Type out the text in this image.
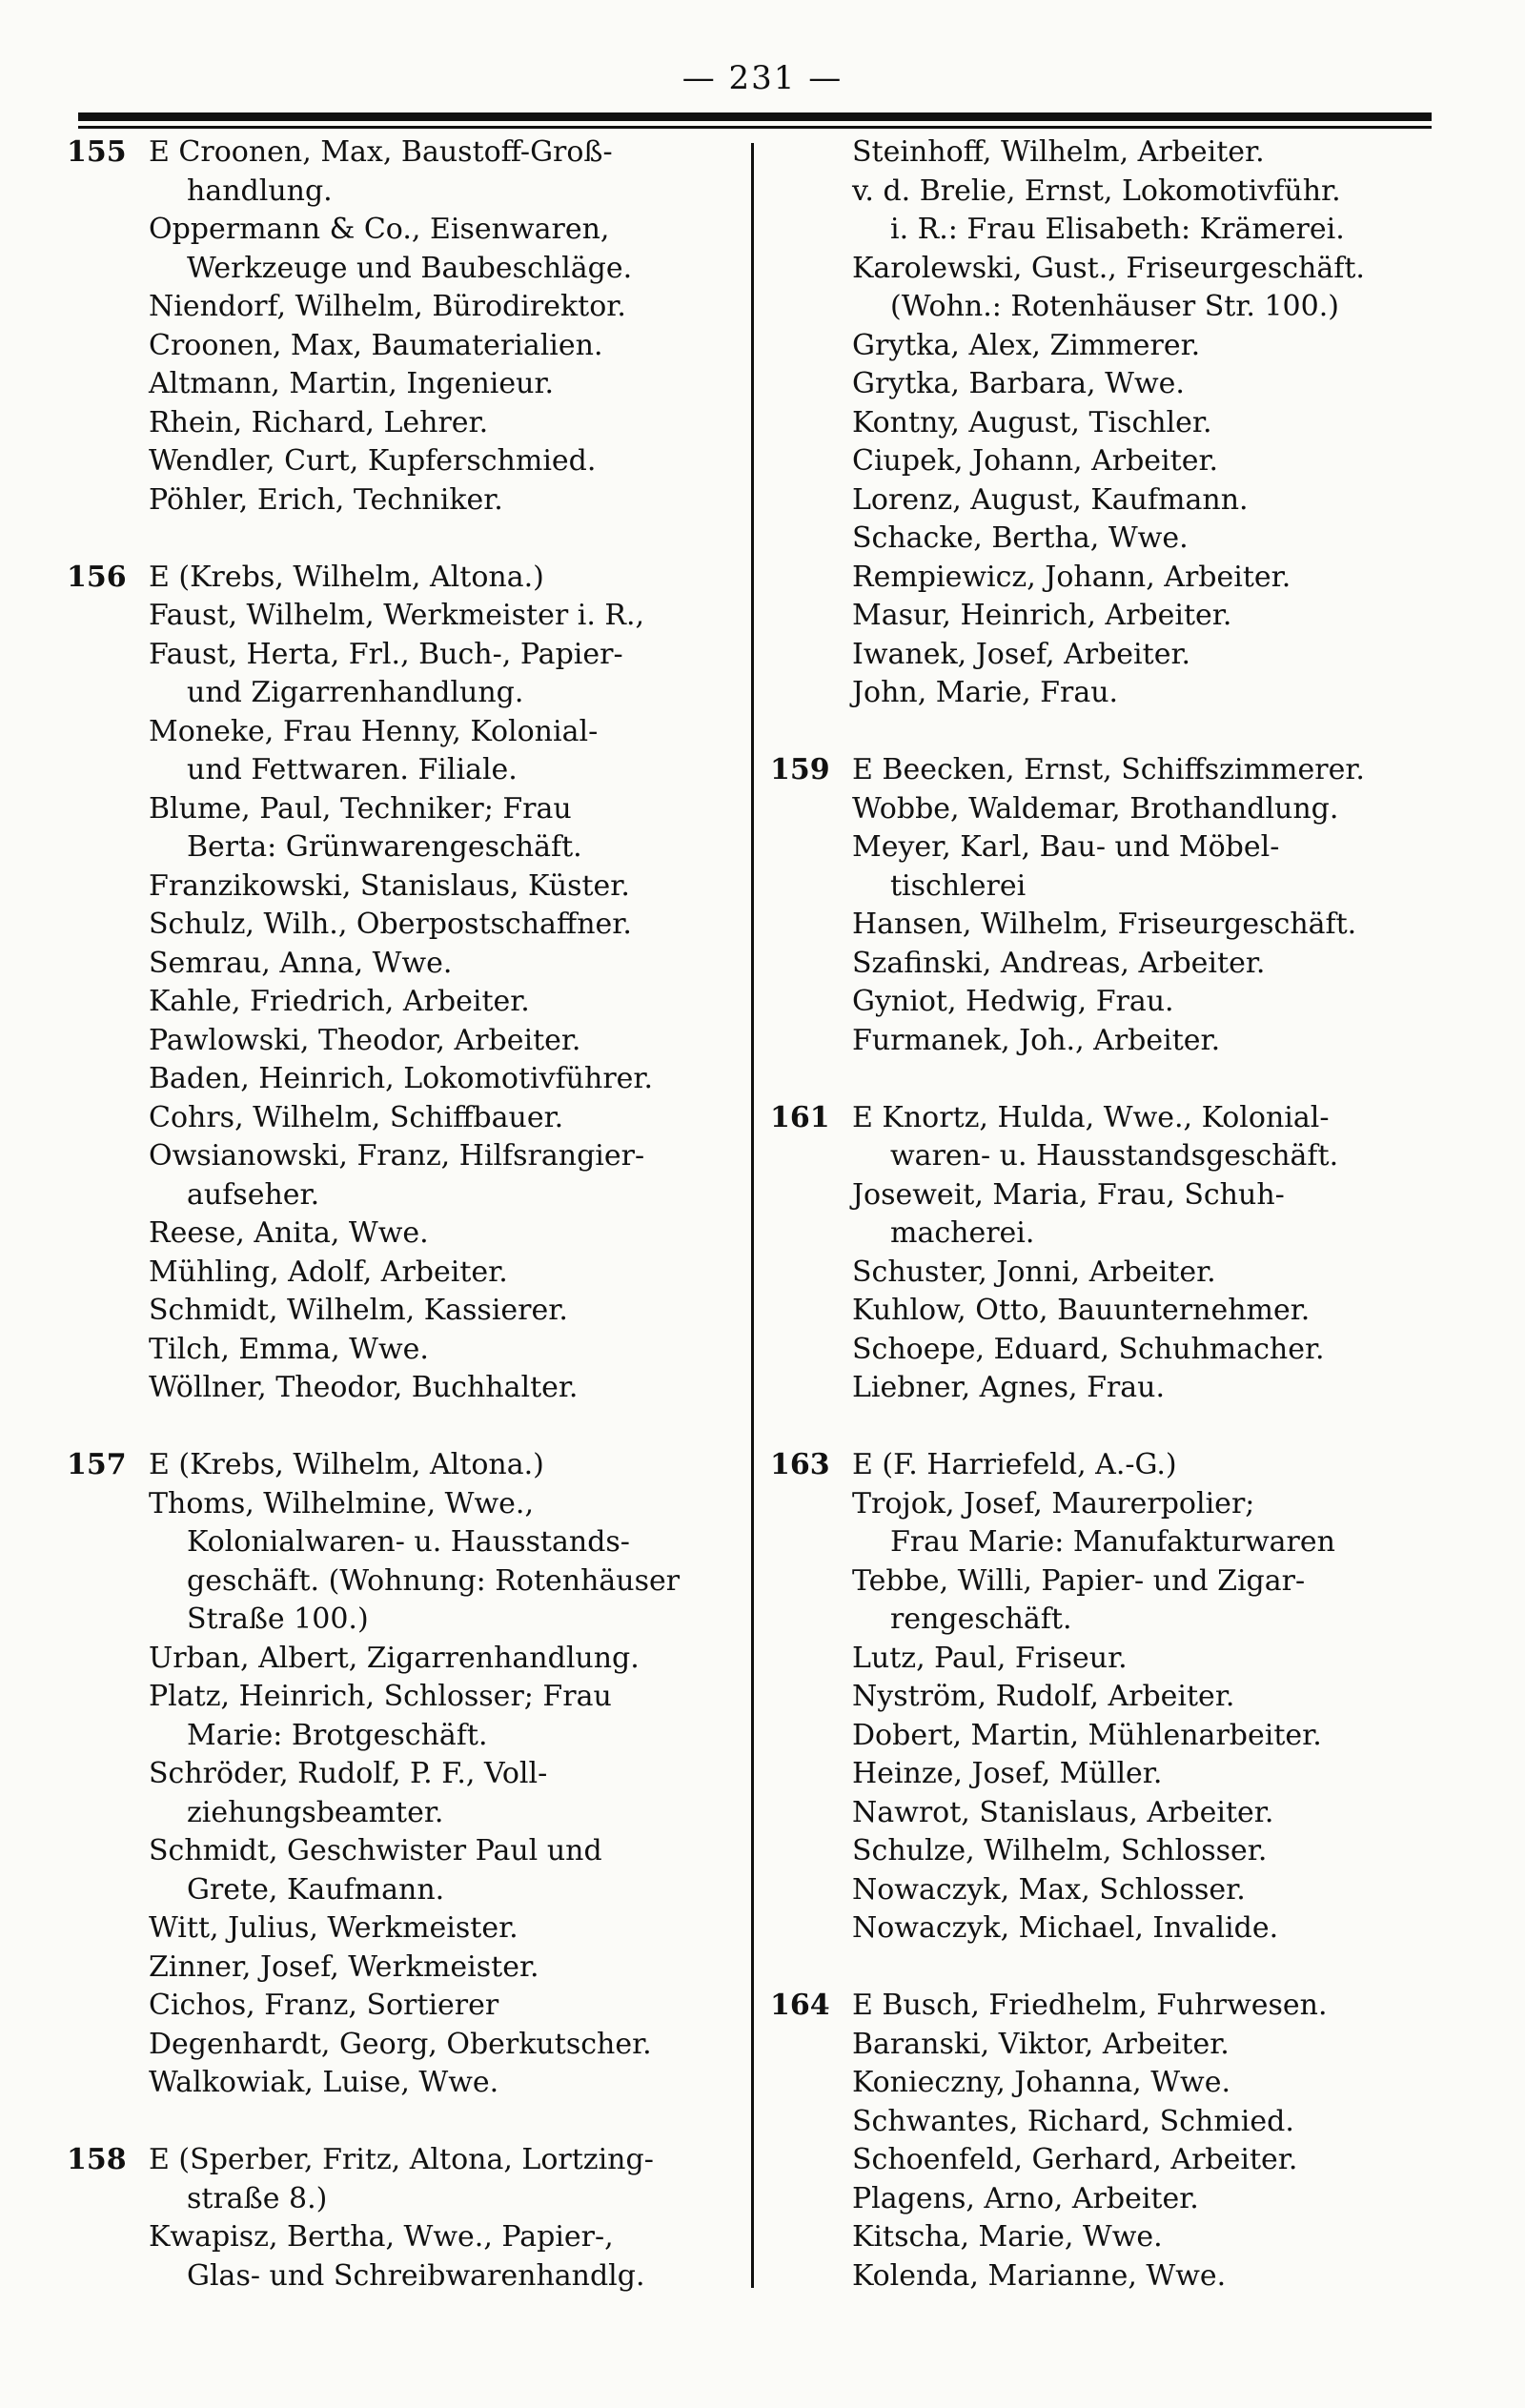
— 231 —
155 E Croonen, Max, Baustoff-Groß-
handlung.
Oppermann & Co., Eisenwaren,
Werkzeuge und Baubeschläge.
Niendorf, Wilhelm, Bürodirektor.
Croonen, Max, Baumaterialien.
Altmann, Martin, Ingenieur.
Rhein, Richard, Lehrer.
Wendler, Curt, Kupferschmied.
Pöhler, Erich, Techniker.
156 E (Krebs, Wilhelm, Altona.)
Faust, Wilhelm, Werkmeister i. R.,
Faust, Herta, Frl., Buch-, Papier-
und Zigarrenhandlung.
Moneke, Frau Henny, Kolonial-
und Fettwaren. Filiale.
Blume, Paul, Techniker; Frau
Berta: Grünwarengeschäft.
Franzikowski, Stanislaus, Küster.
Schulz, Wilh., Oberpostschaffner.
Semrau, Anna, Wwe.
Kahle, Friedrich, Arbeiter.
Pawlowski, Theodor, Arbeiter.
Baden, Heinrich, Lokomotivführer.
Cohrs, Wilhelm, Schiffbauer.
Owsianowski, Franz, Hilfsrangier-
aufseher.
Reese, Anita, Wwe.
Mühling, Adolf, Arbeiter.
Schmidt, Wilhelm, Kassierer.
Tilch, Emma, Wwe.
Wöllner, Theodor, Buchhalter.
157 E (Krebs, Wilhelm, Altona.)
Thoms, Wilhelmine, Wwe.,
Kolonialwaren- u. Hausstands-
geschäft. (Wohnung: Rotenhäuser
Straße 100.)
Urban, Albert, Zigarrenhandlung.
Platz, Heinrich, Schlosser; Frau
Marie: Brotgeschäft.
Schröder, Rudolf, P. F., Voll-
ziehungsbeamter.
Schmidt, Geschwister Paul und
Grete, Kaufmann.
Witt, Julius, Werkmeister.
Zinner, Josef, Werkmeister.
Cichos, Franz, Sortierer
Degenhardt, Georg, Oberkutscher.
Walkowiak, Luise, Wwe.
158 E (Sperber, Fritz, Altona, Lortzing-
straße 8.)
Kwapisz, Bertha, Wwe., Papier-,
Glas- und Schreibwarenhandlg.
Steinhoff, Wilhelm, Arbeiter.
v. d. Brelie, Ernst, Lokomotivführ.
i. R.: Frau Elisabeth: Krämerei.
Karolewski, Gust., Friseurgeschäft.
(Wohn.: Rotenhäuser Str. 100.)
Grytka, Alex, Zimmerer.
Grytka, Barbara, Wwe.
Kontny, August, Tischler.
Ciupek, Johann, Arbeiter.
Lorenz, August, Kaufmann.
Schacke, Bertha, Wwe.
Rempiewicz, Johann, Arbeiter.
Masur, Heinrich, Arbeiter.
Iwanek, Josef, Arbeiter.
John, Marie, Frau.
159 E Beecken, Ernst, Schiffszimmerer.
Wobbe, Waldemar, Brothandlung.
Meyer, Karl, Bau- und Möbel-
tischlerei
Hansen, Wilhelm, Friseurgeschäft.
Szafinski, Andreas, Arbeiter.
Gyniot, Hedwig, Frau.
Furmanek, Joh., Arbeiter.
161 E Knortz, Hulda, Wwe., Kolonial-
waren- u. Hausstandsgeschäft.
Joseweit, Maria, Frau, Schuh-
macherei.
Schuster, Jonni, Arbeiter.
Kuhlow, Otto, Bauunternehmer.
Schoepe, Eduard, Schuhmacher.
Liebner, Agnes, Frau.
163 E (F. Harriefeld, A.-G.)
Trojok, Josef, Maurerpolier;
Frau Marie: Manufakturwaren
Tebbe, Willi, Papier- und Zigar-
rengeschäft.
Lutz, Paul, Friseur.
Nyström, Rudolf, Arbeiter.
Dobert, Martin, Mühlenarbeiter.
Heinze, Josef, Müller.
Nawrot, Stanislaus, Arbeiter.
Schulze, Wilhelm, Schlosser.
Nowaczyk, Max, Schlosser.
Nowaczyk, Michael, Invalide.
164 E Busch, Friedhelm, Fuhrwesen.
Baranski, Viktor, Arbeiter.
Konieczny, Johanna, Wwe.
Schwantes, Richard, Schmied.
Schoenfeld, Gerhard, Arbeiter.
Plagens, Arno, Arbeiter.
Kitscha, Marie, Wwe.
Kolenda, Marianne, Wwe.
